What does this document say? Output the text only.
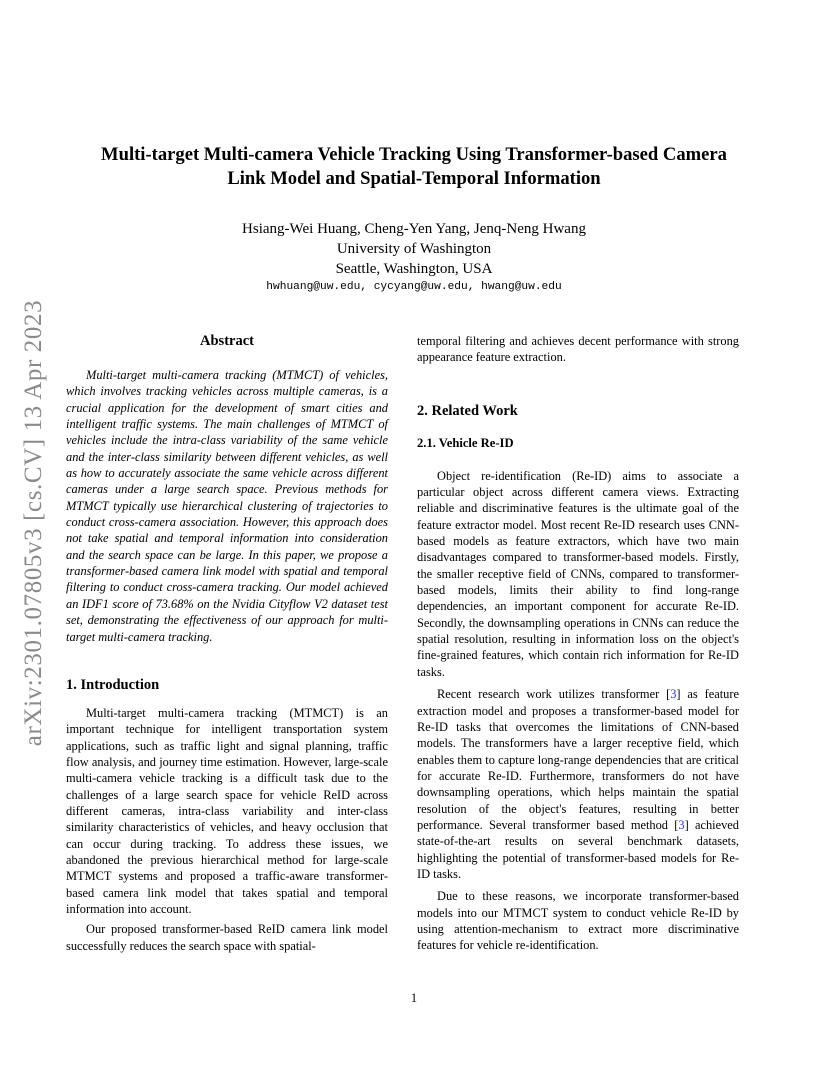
arXiv:2301.07805v3 [cs.CV] 13 Apr 2023
Multi-target Multi-camera Vehicle Tracking Using Transformer-based Camera
Link Model and Spatial-Temporal Information
Hsiang-Wei Huang, Cheng-Yen Yang, Jenq-Neng Hwang
University of Washington
Seattle, Washington, USA
hwhuang@uw.edu, cycyang@uw.edu, hwang@uw.edu
Abstract

Multi-target multi-camera tracking (MTMCT) of vehicles, which involves tracking vehicles across multiple cameras, is a crucial application for the development of smart cities and intelligent traffic systems. The main challenges of MTMCT of vehicles include the intra-class variability of the same vehicle and the inter-class similarity between different vehicles, as well as how to accurately associate the same vehicle across different cameras under a large search space. Previous methods for MTMCT typically use hierarchical clustering of trajectories to conduct cross-camera association. However, this approach does not take spatial and temporal information into consideration and the search space can be large. In this paper, we propose a transformer-based camera link model with spatial and temporal filtering to conduct cross-camera tracking. Our model achieved an IDF1 score of 73.68% on the Nvidia Cityflow V2 dataset test set, demonstrating the effectiveness of our approach for multi-target multi-camera tracking.

1. Introduction

Multi-target multi-camera tracking (MTMCT) is an important technique for intelligent transportation system applications, such as traffic light and signal planning, traffic flow analysis, and journey time estimation. However, large-scale multi-camera vehicle tracking is a difficult task due to the challenges of a large search space for vehicle ReID across different cameras, intra-class variability and inter-class similarity characteristics of vehicles, and heavy occlusion that can occur during tracking. To address these issues, we abandoned the previous hierarchical method for large-scale MTMCT systems and proposed a traffic-aware transformer-based camera link model that takes spatial and temporal information into account.

Our proposed transformer-based ReID camera link model successfully reduces the search space with spatial-

temporal filtering and achieves decent performance with strong appearance feature extraction.

2. Related Work
2.1. Vehicle Re-ID

Object re-identification (Re-ID) aims to associate a particular object across different camera views. Extracting reliable and discriminative features is the ultimate goal of the feature extractor model. Most recent Re-ID research uses CNN-based models as feature extractors, which have two main disadvantages compared to transformer-based models. Firstly, the smaller receptive field of CNNs, compared to transformer-based models, limits their ability to find long-range dependencies, an important component for accurate Re-ID. Secondly, the downsampling operations in CNNs can reduce the spatial resolution, resulting in information loss on the object's fine-grained features, which contain rich information for Re-ID tasks.

Recent research work utilizes transformer [3] as feature extraction model and proposes a transformer-based model for Re-ID tasks that overcomes the limitations of CNN-based models. The transformers have a larger receptive field, which enables them to capture long-range dependencies that are critical for accurate Re-ID. Furthermore, transformers do not have downsampling operations, which helps maintain the spatial resolution of the object's features, resulting in better performance. Several transformer based method [3] achieved state-of-the-art results on several benchmark datasets, highlighting the potential of transformer-based models for Re-ID tasks.

Due to these reasons, we incorporate transformer-based models into our MTMCT system to conduct vehicle Re-ID by using attention-mechanism to extract more discriminative features for vehicle re-identification.

1
